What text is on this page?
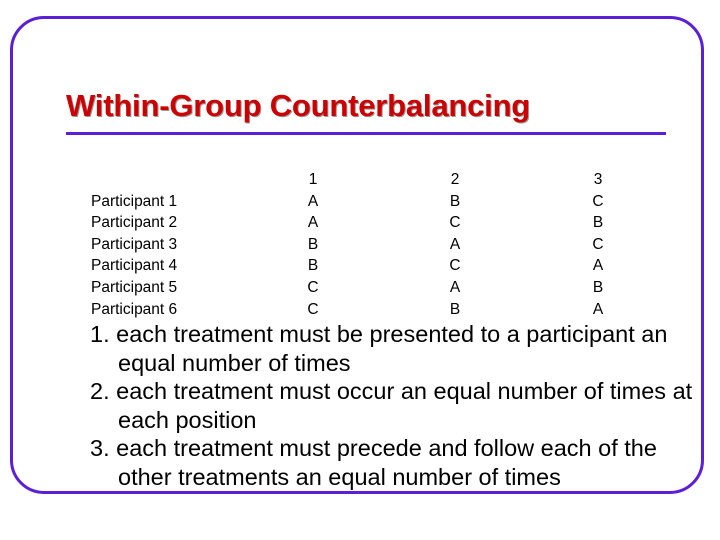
Within-Group Counterbalancing
Participant 1
Participant 2
Participant 3
Participant 4
Participant 5
Participant 6
1
A
A
B
B
C
C
2
B
C
A
C
A
B
3
C
B
C
A
B
A
1. each treatment must be presented to a participant an equal number of times
2. each treatment must occur an equal number of times at each position
3. each treatment must precede and follow each of the other treatments an equal number of times
